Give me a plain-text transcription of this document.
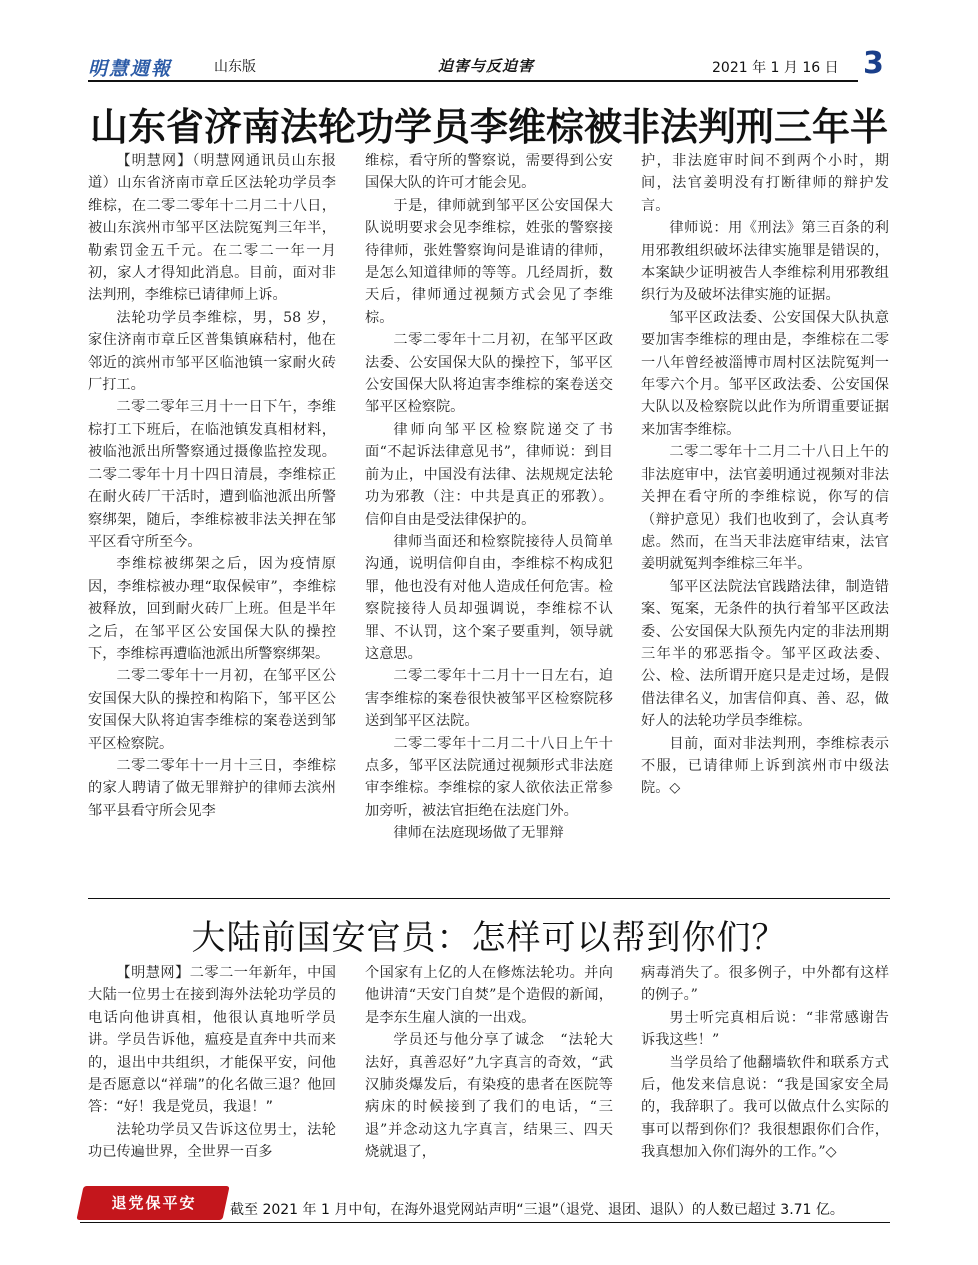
明慧週報	山东版	迫害与反迫害	2021 年 1 月 16 日 3
山东省济南法轮功学员李维棕被非法判刑三年半

【明慧网】（明慧网通讯员山东报道）山东省济南市章丘区法轮功学员李维棕，在二零二零年十二月二十八日，被山东滨州市邹平区法院冤判三年半，勒索罚金五千元。在二零二一年一月初，家人才得知此消息。目前，面对非法判刑，李维棕已请律师上诉。

法轮功学员李维棕，男，58 岁，家住济南市章丘区普集镇麻秸村，他在邻近的滨州市邹平区临池镇一家耐火砖厂打工。

二零二零年三月十一日下午，李维棕打工下班后，在临池镇发真相材料，被临池派出所警察通过摄像监控发现。二零二零年十月十四日清晨，李维棕正在耐火砖厂干活时，遭到临池派出所警察绑架，随后，李维棕被非法关押在邹平区看守所至今。

李维棕被绑架之后，因为疫情原因，李维棕被办理“取保候审”，李维棕被释放，回到耐火砖厂上班。但是半年之后，在邹平区公安国保大队的操控下，李维棕再遭临池派出所警察绑架。

二零二零年十一月初，在邹平区公安国保大队的操控和构陷下，邹平区公安国保大队将迫害李维棕的案卷送到邹平区检察院。

二零二零年十一月十三日，李维棕的家人聘请了做无罪辩护的律师去滨州邹平县看守所会见李

维棕，看守所的警察说，需要得到公安国保大队的许可才能会见。

于是，律师就到邹平区公安国保大队说明要求会见李维棕，姓张的警察接待律师，张姓警察询问是谁请的律师，是怎么知道律师的等等。几经周折，数天后，律师通过视频方式会见了李维棕。

二零二零年十二月初，在邹平区政法委、公安国保大队的操控下，邹平区公安国保大队将迫害李维棕的案卷送交邹平区检察院。

律师向邹平区检察院递交了书面“不起诉法律意见书”，律师说：到目前为止，中国没有法律、法规规定法轮功为邪教（注：中共是真正的邪教）。信仰自由是受法律保护的。

律师当面还和检察院接待人员简单沟通，说明信仰自由，李维棕不构成犯罪，他也没有对他人造成任何危害。检察院接待人员却强调说，李维棕不认罪、不认罚，这个案子要重判，领导就这意思。

二零二零年十二月十一日左右，迫害李维棕的案卷很快被邹平区检察院移送到邹平区法院。

二零二零年十二月二十八日上午十点多，邹平区法院通过视频形式非法庭审李维棕。李维棕的家人欲依法正常参加旁听，被法官拒绝在法庭门外。

律师在法庭现场做了无罪辩

护，非法庭审时间不到两个小时，期间，法官姜明没有打断律师的辩护发言。

律师说：用《刑法》第三百条的利用邪教组织破坏法律实施罪是错误的，本案缺少证明被告人李维棕利用邪教组织行为及破坏法律实施的证据。

邹平区政法委、公安国保大队执意要加害李维棕的理由是，李维棕在二零一八年曾经被淄博市周村区法院冤判一年零六个月。邹平区政法委、公安国保大队以及检察院以此作为所谓重要证据来加害李维棕。

二零二零年十二月二十八日上午的非法庭审中，法官姜明通过视频对非法关押在看守所的李维棕说，你写的信（辩护意见）我们也收到了，会认真考虑。然而，在当天非法庭审结束，法官姜明就冤判李维棕三年半。

邹平区法院法官践踏法律，制造错案、冤案，无条件的执行着邹平区政法委、公安国保大队预先内定的非法刑期三年半的邪恶指令。邹平区政法委、公、检、法所谓开庭只是走过场，是假借法律名义，加害信仰真、善、忍，做好人的法轮功学员李维棕。

目前，面对非法判刑，李维棕表示不服，已请律师上诉到滨州市中级法院。◇

大陆前国安官员：怎样可以帮到你们？

【明慧网】二零二一年新年，中国大陆一位男士在接到海外法轮功学员的电话向他讲真相，他很认真地听学员讲。学员告诉他，瘟疫是直奔中共而来的，退出中共组织，才能保平安，问他是否愿意以“祥瑞”的化名做三退？他回答：“好！我是党员，我退！”

法轮功学员又告诉这位男士，法轮功已传遍世界，全世界一百多

个国家有上亿的人在修炼法轮功。并向他讲清“天安门自焚”是个造假的新闻，是李东生雇人演的一出戏。

学员还与他分享了诚念　“法轮大法好，真善忍好”九字真言的奇效，“武汉肺炎爆发后，有染疫的患者在医院等病床的时候接到了我们的电话，“三退”并念动这九字真言，结果三、四天烧就退了，

病毒消失了。很多例子，中外都有这样的例子。”

男士听完真相后说：“非常感谢告诉我这些！”

当学员给了他翻墙软件和联系方式后，他发来信息说：“我是国家安全局的，我辞职了。我可以做点什么实际的事可以帮到你们？我很想跟你们合作，我真想加入你们海外的工作。”◇

退党保平安	截至 2021 年 1 月中旬，在海外退党网站声明“三退”（退党、退团、退队）的人数已超过 3.71 亿。
